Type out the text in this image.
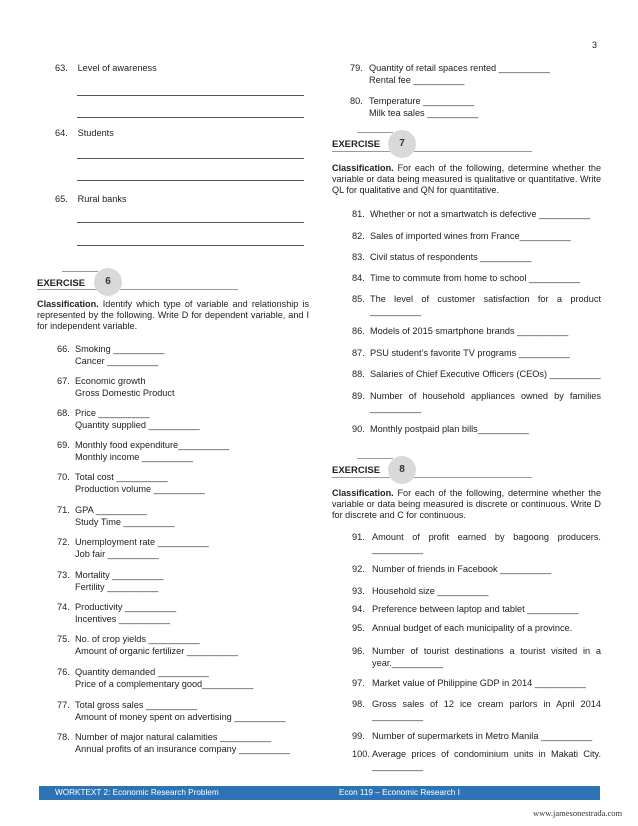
3
63. Level of awareness
64. Students
65. Rural banks
EXERCISE	6
Classification. Identify which type of variable and relationship is represented by the following. Write D for dependent variable, and I for independent variable.
66. Smoking __________
Cancer __________
67. Economic growth
Gross Domestic Product
68. Price __________
Quantity supplied __________
69. Monthly food expenditure__________
Monthly income __________
70. Total cost __________
Production volume __________
71. GPA __________
Study Time __________
72. Unemployment rate __________
Job fair __________
73. Mortality __________
Fertility __________
74. Productivity __________
Incentives __________
75. No. of crop yields __________
Amount of organic fertilizer __________
76. Quantity demanded __________
Price of a complementary good__________
77. Total gross sales __________
Amount of money spent on advertising __________
78. Number of major natural calamities __________
Annual profits of an insurance company __________
79. Quantity of retail spaces rented __________
Rental fee __________
80. Temperature __________
Milk tea sales __________
EXERCISE	7
Classification. For each of the following, determine whether the variable or data being measured is qualitative or quantitative. Write QL for qualitative and QN for quantitative.
81. Whether or not a smartwatch is defective __________
82. Sales of imported wines from France__________
83. Civil status of respondents __________
84. Time to commute from home to school __________
85. The level of customer satisfaction for a product __________
86. Models of 2015 smartphone brands __________
87. PSU student’s favorite TV programs __________
88. Salaries of Chief Executive Officers (CEOs) __________
89. Number of household appliances owned by families __________
90. Monthly postpaid plan bills__________
EXERCISE	8
Classification. For each of the following, determine whether the variable or data being measured is discrete or continuous. Write D for discrete and C for continuous.
91. Amount of profit earned by bagoong producers. __________
92. Number of friends in Facebook __________
93. Household size __________
94. Preference between laptop and tablet __________
95. Annual budget of each municipality of a province.
96. Number of tourist destinations a tourist visited in a year.__________
97. Market value of Philippine GDP in 2014 __________
98. Gross sales of 12 ice cream parlors in April 2014 __________
99. Number of supermarkets in Metro Manila __________
100. Average prices of condominium units in Makati City. __________
WORKTEXT 2: Economic Research Problem	Econ 119 – Economic Research I
www.jamesonestrada.com
